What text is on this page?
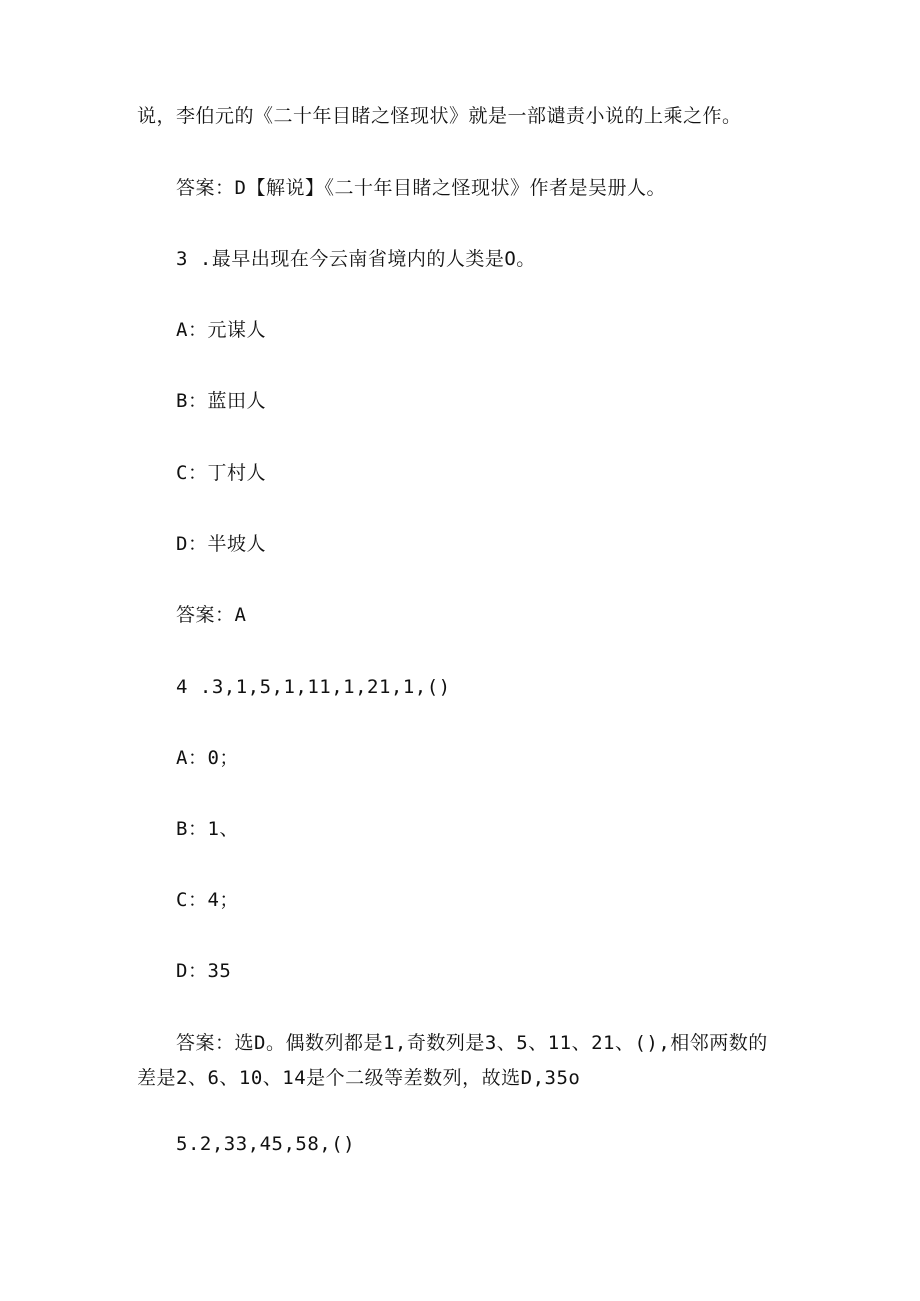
说，李伯元的《二十年目睹之怪现状》就是一部谴责小说的上乘之作。
答案：D【解说】《二十年目睹之怪现状》作者是吴册人。
3 .最早出现在今云南省境内的人类是O。
A：元谋人
B：蓝田人
C：丁村人
D：半坡人
答案：A
4 .3,1,5,1,11,1,21,1,()
A：0；
B：1、
C：4；
D：35
答案：选D。偶数列都是1,奇数列是3、5、11、21、(),相邻两数的
差是2、6、10、14是个二级等差数列，故选D,35o
5.2,33,45,58,()
